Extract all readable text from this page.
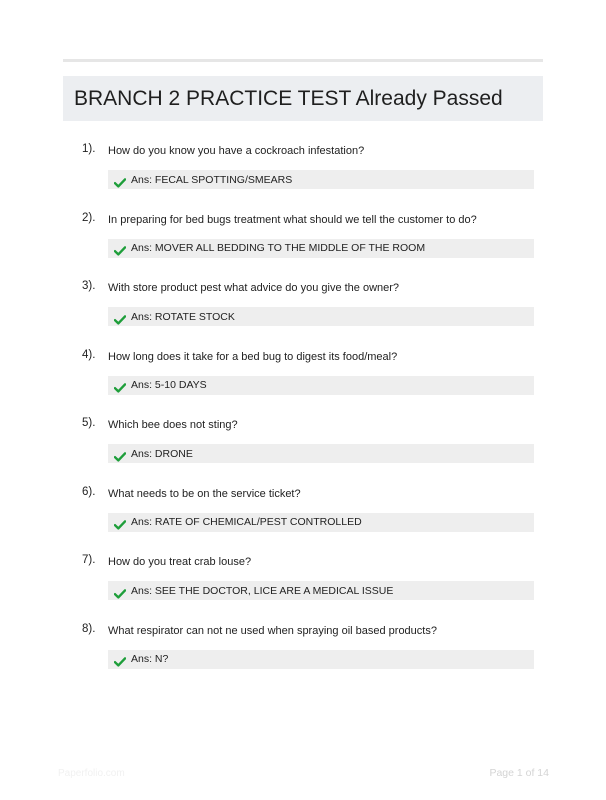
BRANCH 2 PRACTICE TEST Already Passed
1). How do you know you have a cockroach infestation?
Ans: FECAL SPOTTING/SMEARS
2). In preparing for bed bugs treatment what should we tell the customer to do?
Ans: MOVER ALL BEDDING TO THE MIDDLE OF THE ROOM
3). With store product pest what advice do you give the owner?
Ans: ROTATE STOCK
4). How long does it take for a bed bug to digest its food/meal?
Ans: 5-10 DAYS
5). Which bee does not sting?
Ans: DRONE
6). What needs to be on the service ticket?
Ans: RATE OF CHEMICAL/PEST CONTROLLED
7). How do you treat crab louse?
Ans: SEE THE DOCTOR, LICE ARE A MEDICAL ISSUE
8). What respirator can not ne used when spraying oil based products?
Ans: N?
Paperfolio.com	Page 1 of 14
